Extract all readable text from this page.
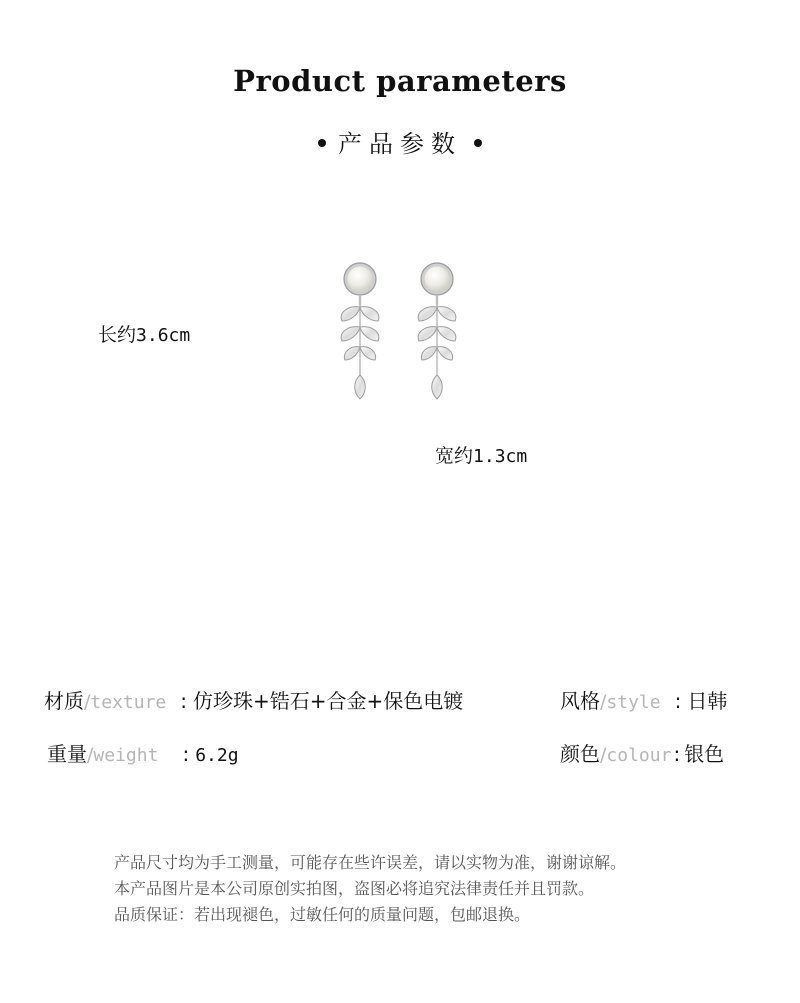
Product parameters
产品参数
长约3.6cm
宽约1.3cm
材质/texture : 仿珍珠+锆石+合金+保色电镀	风格/style : 日韩
重量/weight : 6.2g	颜色/colour : 银色
产品尺寸均为手工测量，可能存在些许误差，请以实物为准，谢谢谅解。
本产品图片是本公司原创实拍图，盗图必将追究法律责任并且罚款。
品质保证：若出现褪色，过敏任何的质量问题，包邮退换。
